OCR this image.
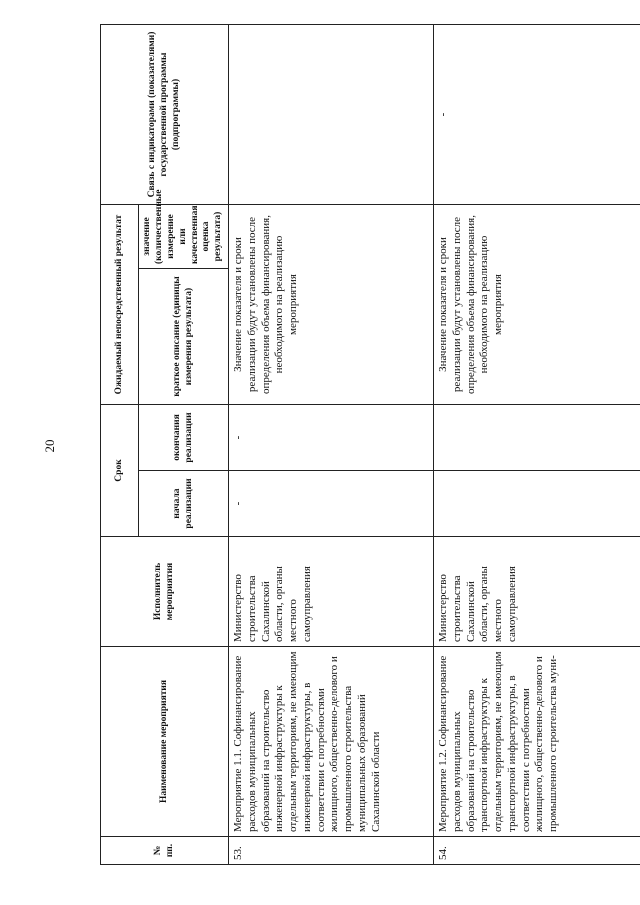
20
№ пп.	Наименование мероприятия	Исполнитель мероприятия	Срок		Ожидаемый непосредственный результат		Связь с индикаторами (показателями) государственной программы (подпрограммы)
			начала реализации	окончания реализации	краткое описание (единицы измерения результата)	значение (количественные измерение или качественная оценка результата)	
53.	Мероприятие 1.1. Софинансирование расходов муниципальных образований на строительство инженерной инфраструктуры к отдельным территориям, не имеющим инженерной инфраструктуры, в соответствии с потребностями жилищного, общественно-делового и промышленного строительства муниципальных образований Сахалинской области	Министерство строительства Сахалинской области, органы местного самоуправления	-	-	Значение показателя и сроки реализации будут установлены после определения объема финансирования, необходимого на реализацию мероприятия		
54.	Мероприятие 1.2. Софинансирование расходов муниципальных образований на строительство транспортной инфраструктуры к отдельным территориям, не имеющим транспортной инфраструктуры, в соответствии с потребностями жилищного, общественно-делового и промышленного строительства муни-	Министерство строительства Сахалинской области, органы местного самоуправления			Значение показателя и сроки реализации будут установлены после определения объема финансирования, необходимого на реализацию мероприятия		-
